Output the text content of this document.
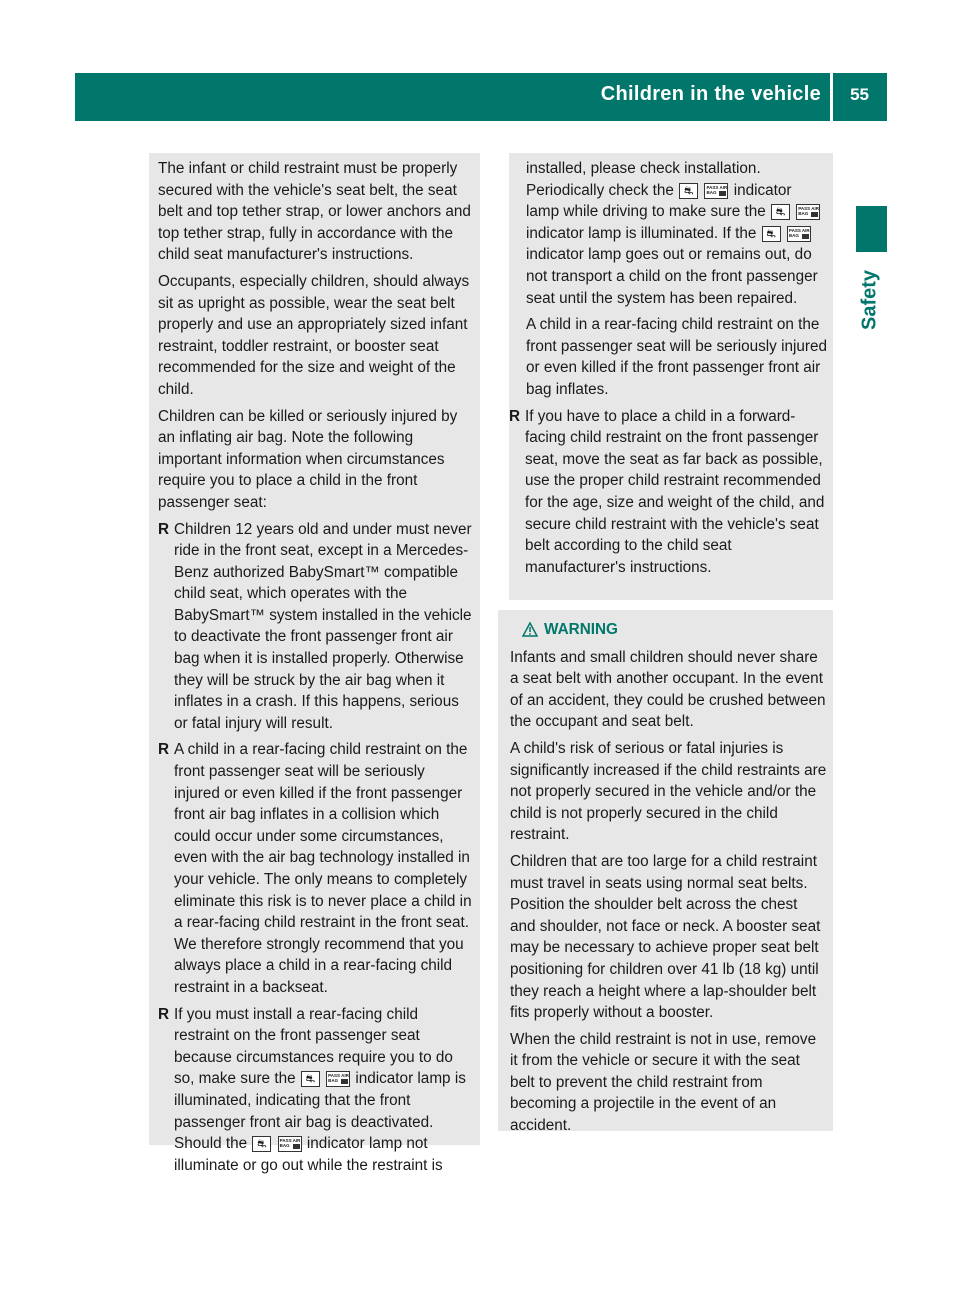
Children in the vehicle 55
Safety

The infant or child restraint must be properly secured with the vehicle's seat belt, the seat belt and top tether strap, or lower anchors and top tether strap, fully in accordance with the child seat manufacturer's instructions.

Occupants, especially children, should always sit as upright as possible, wear the seat belt properly and use an appropriately sized infant restraint, toddler restraint, or booster seat recommended for the size and weight of the child.

Children can be killed or seriously injured by an inflating air bag. Note the following important information when circumstances require you to place a child in the front passenger seat:

R Children 12 years old and under must never ride in the front seat, except in a Mercedes-Benz authorized BabySmart™ compatible child seat, which operates with the BabySmart™ system installed in the vehicle to deactivate the front passenger front air bag when it is installed properly. Otherwise they will be struck by the air bag when it inflates in a crash. If this happens, serious or fatal injury will result.
R A child in a rear-facing child restraint on the front passenger seat will be seriously injured or even killed if the front passenger front air bag inflates in a collision which could occur under some circumstances, even with the air bag technology installed in your vehicle. The only means to completely eliminate this risk is to never place a child in a rear-facing child restraint in the front seat. We therefore strongly recommend that you always place a child in a rear-facing child restraint in a backseat.
R If you must install a rear-facing child restraint on the front passenger seat because circumstances require you to do so, make sure the ⛐	PASS AIR BAG indicator lamp is illuminated, indicating that the front passenger front air bag is deactivated. Should the ⛐	PASS AIR BAG indicator lamp not illuminate or go out while the restraint is

installed, please check installation. Periodically check the ⛐	PASS AIR BAG indicator lamp while driving to make sure the ⛐	PASS AIR BAG
indicator lamp is illuminated. If the ⛐	PASS AIR BAG
indicator lamp goes out or remains out, do not transport a child on the front passenger seat until the system has been repaired.

A child in a rear-facing child restraint on the front passenger seat will be seriously injured or even killed if the front passenger front air bag inflates.

R If you have to place a child in a forward-facing child restraint on the front passenger seat, move the seat as far back as possible, use the proper child restraint recommended for the age, size and weight of the child, and secure child restraint with the vehicle's seat belt according to the child seat manufacturer's instructions.
WARNING

Infants and small children should never share a seat belt with another occupant. In the event of an accident, they could be crushed between the occupant and seat belt.

A child's risk of serious or fatal injuries is significantly increased if the child restraints are not properly secured in the vehicle and/or the child is not properly secured in the child restraint.

Children that are too large for a child restraint must travel in seats using normal seat belts. Position the shoulder belt across the chest and shoulder, not face or neck. A booster seat may be necessary to achieve proper seat belt positioning for children over 41 lb (18 kg) until they reach a height where a lap-shoulder belt fits properly without a booster.

When the child restraint is not in use, remove it from the vehicle or secure it with the seat belt to prevent the child restraint from becoming a projectile in the event of an accident.
